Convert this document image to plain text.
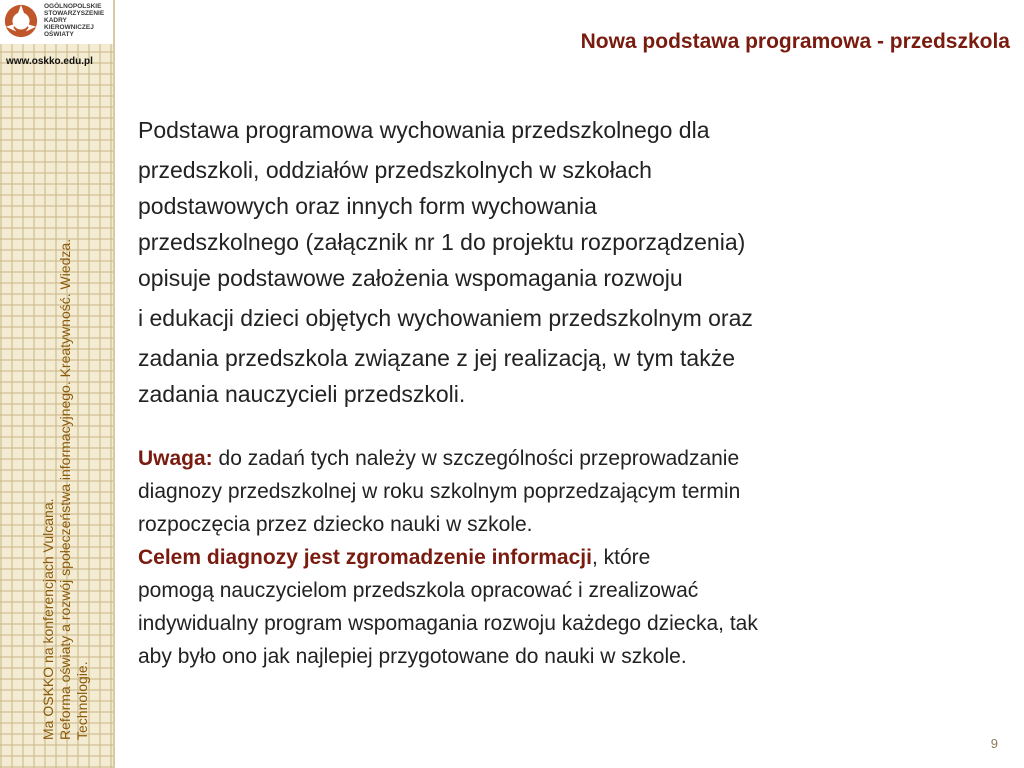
OGÓLNOPOLSKIE
STOWARZYSZENIE
KADRY
KIEROWNICZEJ
OŚWIATY
www.oskko.edu.pl
Ma OSKKO na konferencjach Vulcana. Reforma oświaty a rozwój społeczeństwa informacyjnego. Kreatywność. Wiedza. Technologie.
Nowa podstawa programowa - przedszkola

Podstawa programowa wychowania przedszkolnego dla
przedszkoli, oddziałów przedszkolnych w szkołach
podstawowych oraz innych form wychowania
przedszkolnego (załącznik nr 1 do projektu rozporządzenia)
opisuje podstawowe założenia wspomagania rozwoju
i edukacji dzieci objętych wychowaniem przedszkolnym oraz
zadania przedszkola związane z jej realizacją, w tym także
zadania nauczycieli przedszkoli.

Uwaga: do zadań tych należy w szczególności przeprowadzanie
diagnozy przedszkolnej w roku szkolnym poprzedzającym termin
rozpoczęcia przez dziecko nauki w szkole.
Celem diagnozy jest zgromadzenie informacji, które
pomogą nauczycielom przedszkola opracować i zrealizować
indywidualny program wspomagania rozwoju każdego dziecka, tak
aby było ono jak najlepiej przygotowane do nauki w szkole.

9
